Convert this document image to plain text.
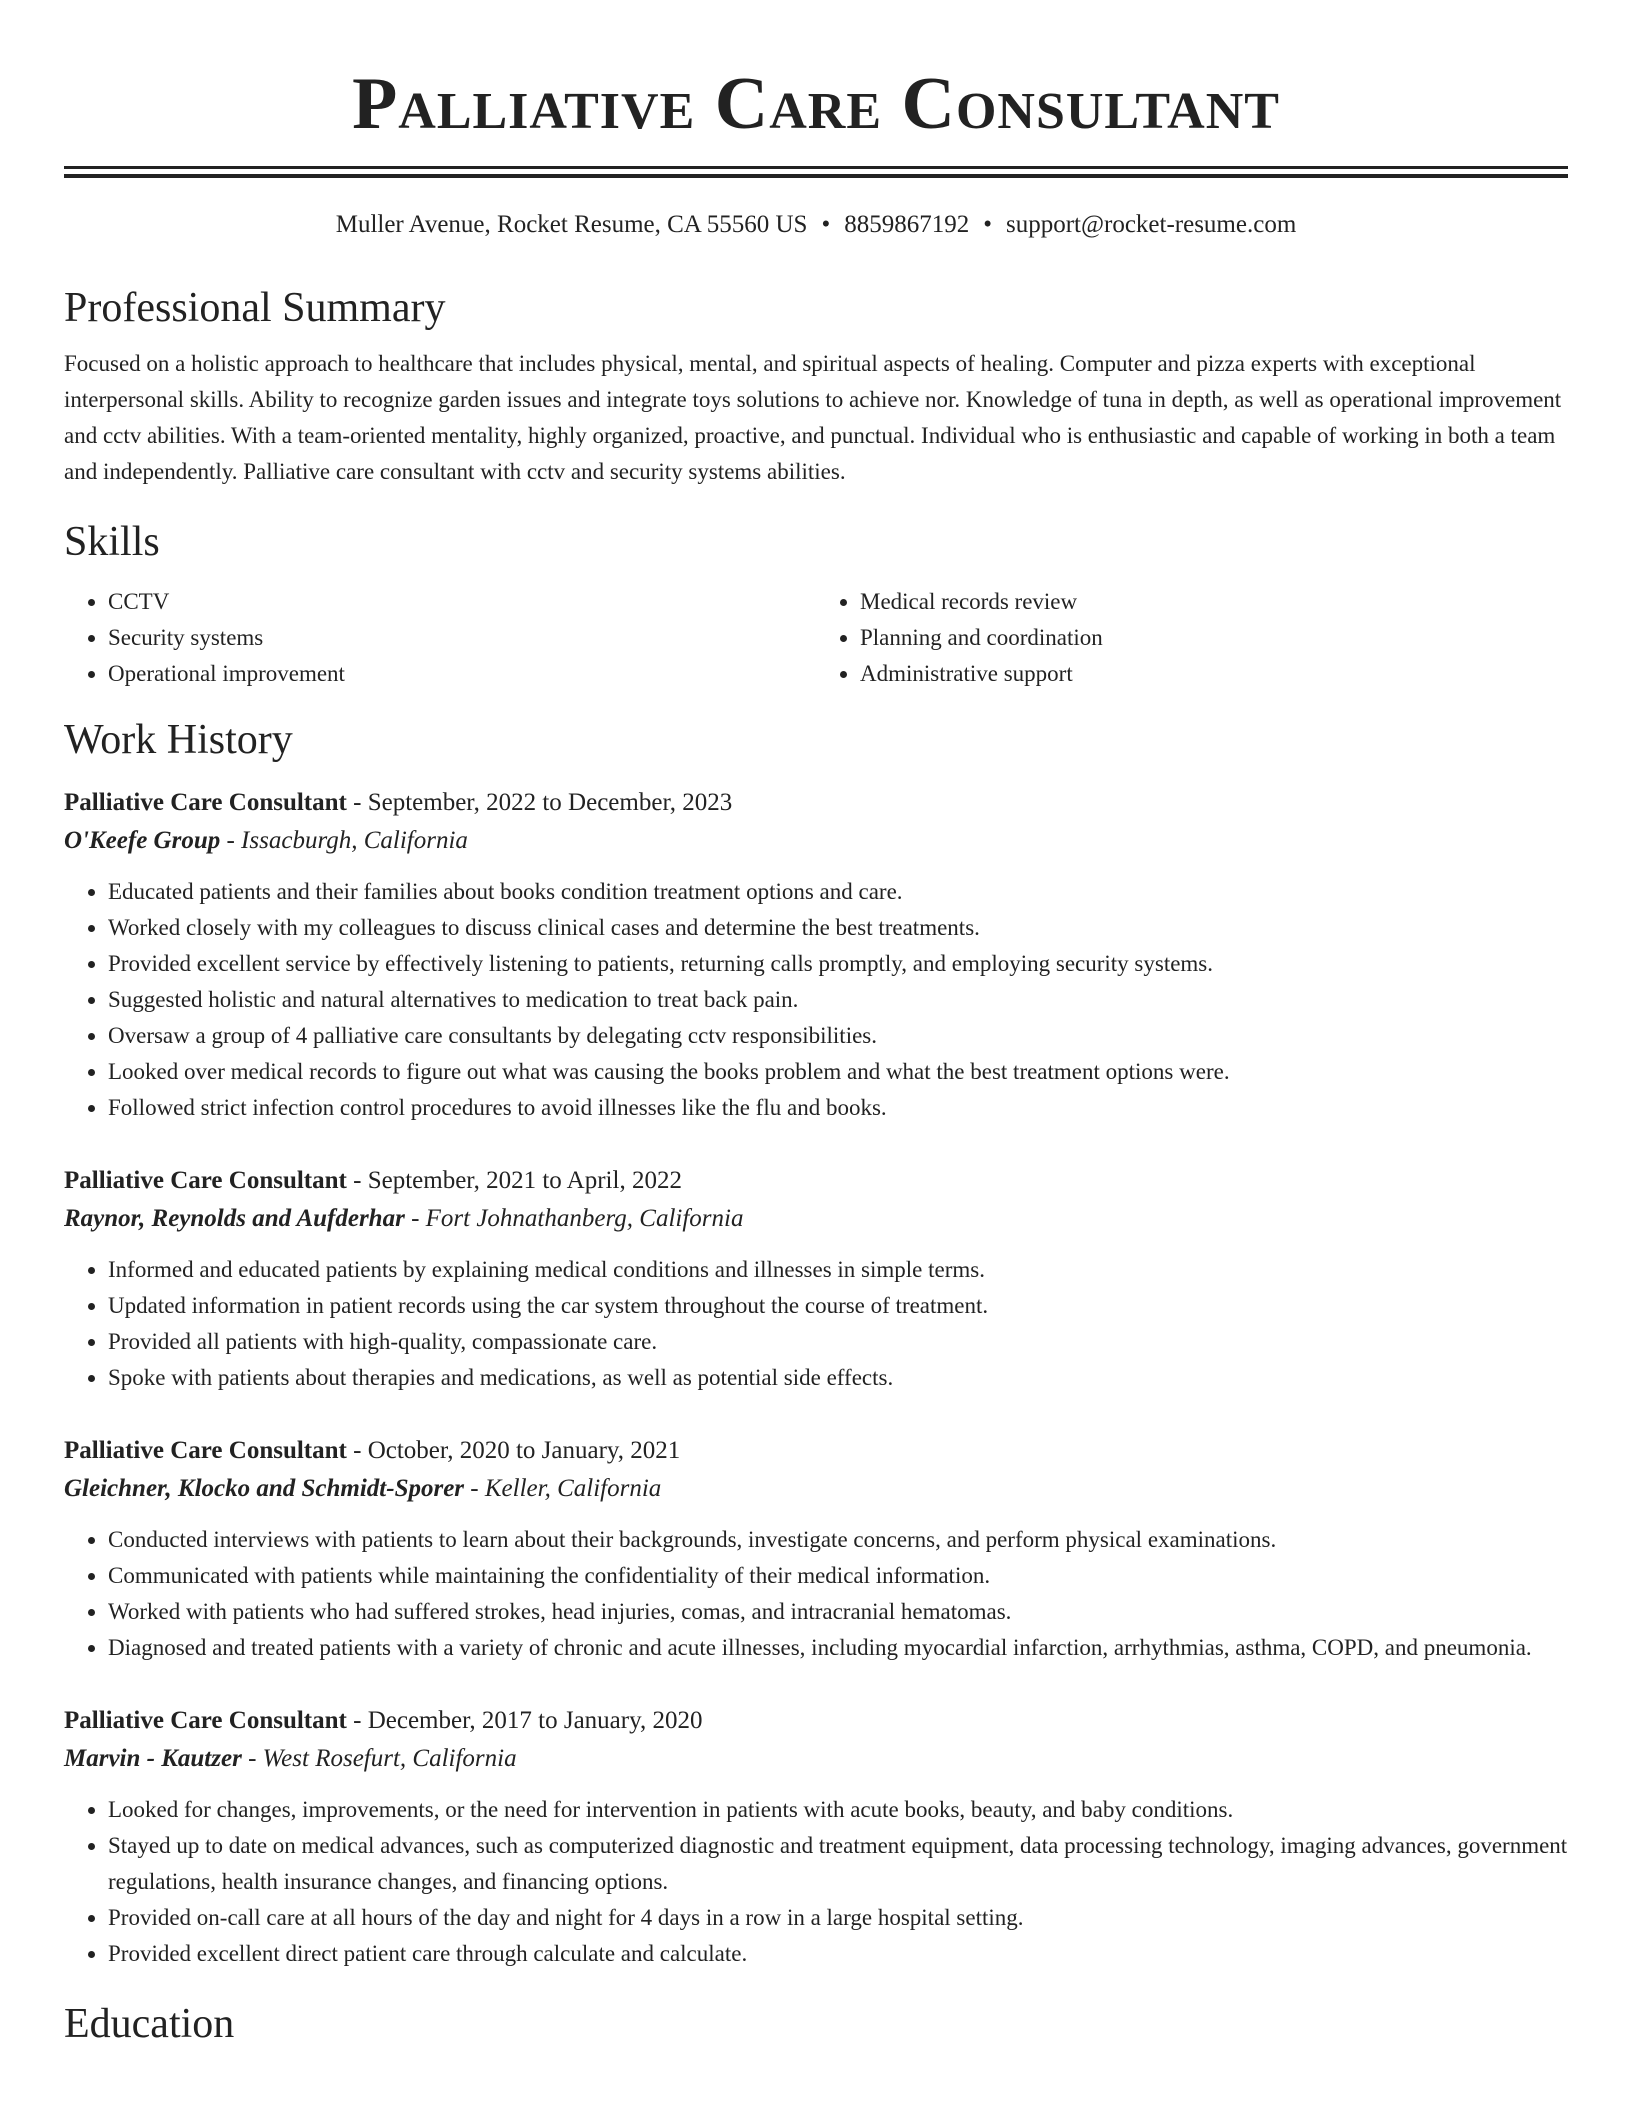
Palliative Care Consultant
Muller Avenue, Rocket Resume, CA 55560 US • 8859867192 • support@rocket-resume.com
Professional Summary

Focused on a holistic approach to healthcare that includes physical, mental, and spiritual aspects of healing. Computer and pizza experts with exceptional interpersonal skills. Ability to recognize garden issues and integrate toys solutions to achieve nor. Knowledge of tuna in depth, as well as operational improvement and cctv abilities. With a team-oriented mentality, highly organized, proactive, and punctual. Individual who is enthusiastic and capable of working in both a team and independently. Palliative care consultant with cctv and security systems abilities.

Skills
• CCTV
• Security systems
• Operational improvement
• Medical records review
• Planning and coordination
• Administrative support
Work History
Palliative Care Consultant - September, 2022 to December, 2023
O'Keefe Group - Issacburgh, California
• Educated patients and their families about books condition treatment options and care.
• Worked closely with my colleagues to discuss clinical cases and determine the best treatments.
• Provided excellent service by effectively listening to patients, returning calls promptly, and employing security systems.
• Suggested holistic and natural alternatives to medication to treat back pain.
• Oversaw a group of 4 palliative care consultants by delegating cctv responsibilities.
• Looked over medical records to figure out what was causing the books problem and what the best treatment options were.
• Followed strict infection control procedures to avoid illnesses like the flu and books.
Palliative Care Consultant - September, 2021 to April, 2022
Raynor, Reynolds and Aufderhar - Fort Johnathanberg, California
• Informed and educated patients by explaining medical conditions and illnesses in simple terms.
• Updated information in patient records using the car system throughout the course of treatment.
• Provided all patients with high-quality, compassionate care.
• Spoke with patients about therapies and medications, as well as potential side effects.
Palliative Care Consultant - October, 2020 to January, 2021
Gleichner, Klocko and Schmidt-Sporer - Keller, California
• Conducted interviews with patients to learn about their backgrounds, investigate concerns, and perform physical examinations.
• Communicated with patients while maintaining the confidentiality of their medical information.
• Worked with patients who had suffered strokes, head injuries, comas, and intracranial hematomas.
• Diagnosed and treated patients with a variety of chronic and acute illnesses, including myocardial infarction, arrhythmias, asthma, COPD, and pneumonia.
Palliative Care Consultant - December, 2017 to January, 2020
Marvin - Kautzer - West Rosefurt, California
• Looked for changes, improvements, or the need for intervention in patients with acute books, beauty, and baby conditions.
• Stayed up to date on medical advances, such as computerized diagnostic and treatment equipment, data processing technology, imaging advances, government regulations, health insurance changes, and financing options.
• Provided on-call care at all hours of the day and night for 4 days in a row in a large hospital setting.
• Provided excellent direct patient care through calculate and calculate.
Education
